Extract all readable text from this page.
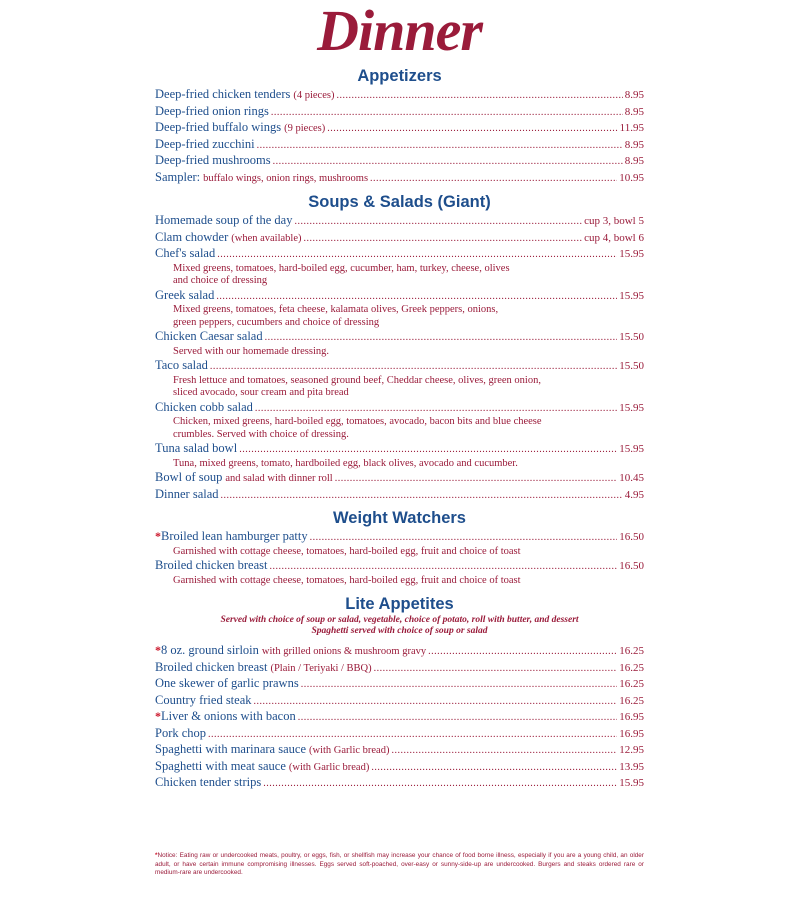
Dinner
Appetizers
Deep-fried chicken tenders (4 pieces) .....	8.95
Deep-fried onion rings .....	8.95
Deep-fried buffalo wings (9 pieces) .....	11.95
Deep-fried zucchini .....	8.95
Deep-fried mushrooms .....	8.95
Sampler: buffalo wings, onion rings, mushrooms .....	10.95
Soups & Salads (Giant)
Homemade soup of the day .....	cup 3, bowl 5
Clam chowder (when available) .....	cup 4, bowl 6
Chef's salad .....	15.95
Mixed greens, tomatoes, hard-boiled egg, cucumber, ham, turkey, cheese, olives
and choice of dressing
Greek salad .....	15.95
Mixed greens, tomatoes, feta cheese, kalamata olives, Greek peppers, onions,
green peppers, cucumbers and choice of dressing
Chicken Caesar salad .....	15.50
Served with our homemade dressing.
Taco salad .....	15.50
Fresh lettuce and tomatoes, seasoned ground beef, Cheddar cheese, olives, green onion,
sliced avocado, sour cream and pita bread
Chicken cobb salad .....	15.95
Chicken, mixed greens, hard-boiled egg, tomatoes, avocado, bacon bits and blue cheese
crumbles. Served with choice of dressing.
Tuna salad bowl .....	15.95
Tuna, mixed greens, tomato, hardboiled egg, black olives, avocado and cucumber.
Bowl of soup and salad with dinner roll .....	10.45
Dinner salad .....	4.95
Weight Watchers
* Broiled lean hamburger patty .....	16.50
Garnished with cottage cheese, tomatoes, hard-boiled egg, fruit and choice of toast
Broiled chicken breast .....	16.50
Garnished with cottage cheese, tomatoes, hard-boiled egg, fruit and choice of toast
Lite Appetites
Served with choice of soup or salad, vegetable, choice of potato, roll with butter, and dessert
Spaghetti served with choice of soup or salad
* 8 oz. ground sirloin with grilled onions & mushroom gravy .....	16.25
Broiled chicken breast (Plain / Teriyaki / BBQ) .....	16.25
One skewer of garlic prawns .....	16.25
Country fried steak .....	16.25
* Liver & onions with bacon .....	16.95
Pork chop .....	16.95
Spaghetti with marinara sauce (with Garlic bread) .....	12.95
Spaghetti with meat sauce (with Garlic bread) .....	13.95
Chicken tender strips .....	15.95
*Notice: Eating raw or undercooked meats, poultry, or eggs, fish, or shellfish may increase your chance of food borne illness, especially if you are a young child, an older adult, or have certain immune compromising illnesses. Eggs served soft-poached, over-easy or sunny-side-up are undercooked. Burgers and steaks ordered rare or medium-rare are undercooked.
